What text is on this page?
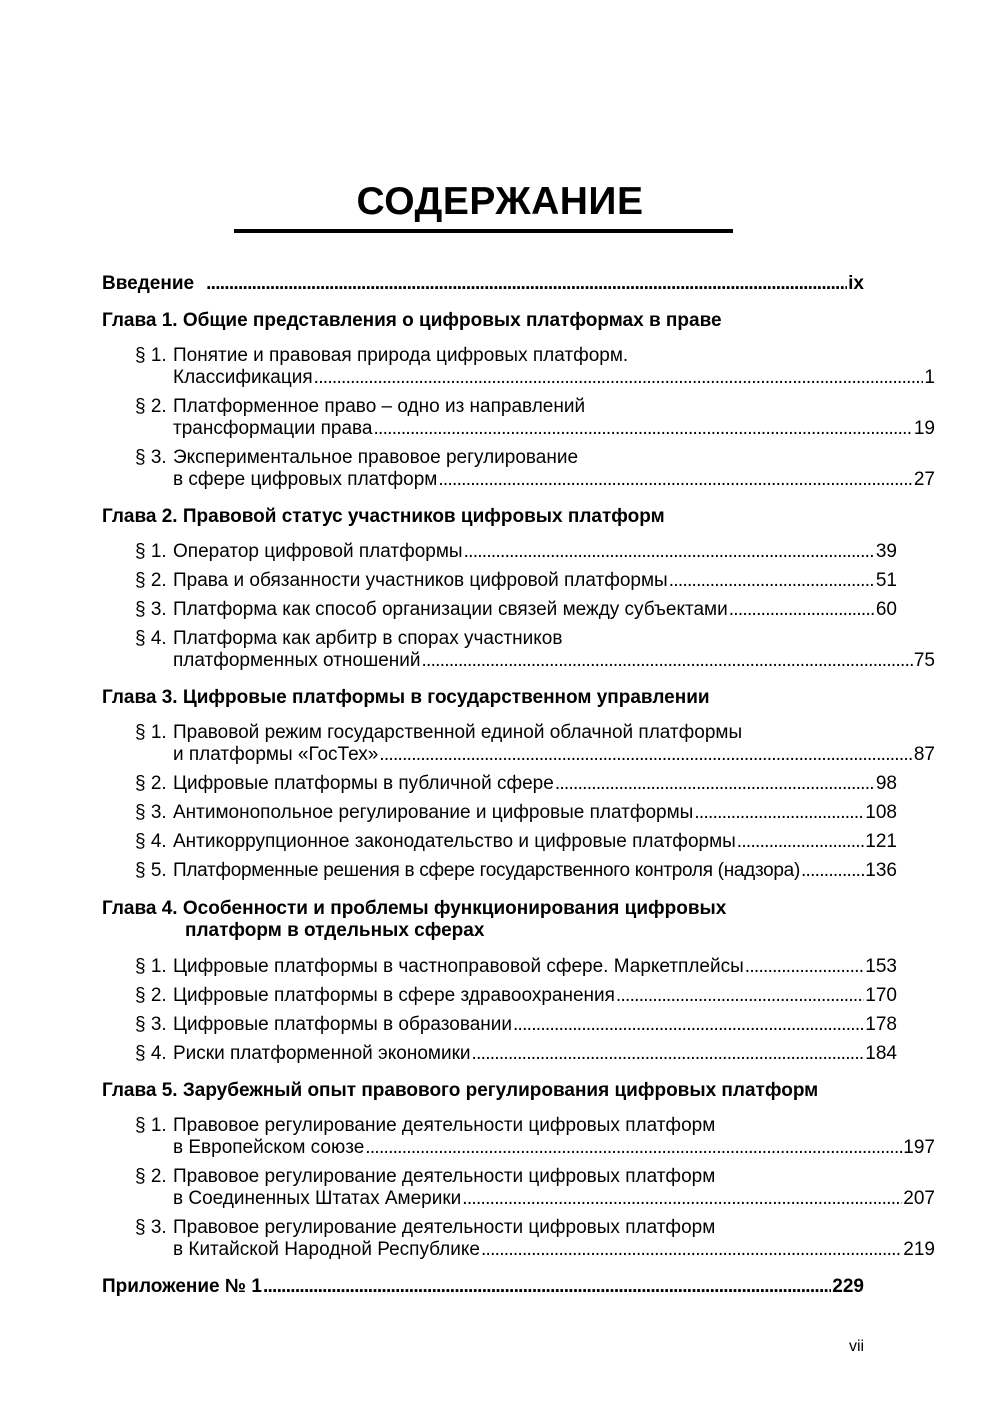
СОДЕРЖАНИЕ
Введение . . .	ix
Глава 1. Общие представления о цифровых платформах в праве
§ 1. Понятие и правовая природа цифровых платформ.
Классификация . . .	1
§ 2. Платформенное право – одно из направлений
трансформации права . . .	19
§ 3. Экспериментальное правовое регулирование
в сфере цифровых платформ . . .	27
Глава 2. Правовой статус участников цифровых платформ
§ 1. Оператор цифровой платформы . . .	39
§ 2. Права и обязанности участников цифровой платформы . . .	51
§ 3. Платформа как способ организации связей между субъектами . . .	60
§ 4. Платформа как арбитр в спорах участников
платформенных отношений . . .	75
Глава 3. Цифровые платформы в государственном управлении
§ 1. Правовой режим государственной единой облачной платформы
и платформы «ГосТех» . . .	87
§ 2. Цифровые платформы в публичной сфере . . .	98
§ 3. Антимонопольное регулирование и цифровые платформы . . .	108
§ 4. Антикоррупционное законодательство и цифровые платформы . . .	121
§ 5. Платформенные решения в сфере государственного контроля (надзора) . . .	136
Глава 4. Особенности и проблемы функционирования цифровых
платформ в отдельных сферах
§ 1. Цифровые платформы в частноправовой сфере. Маркетплейсы . . .	153
§ 2. Цифровые платформы в сфере здравоохранения . . .	170
§ 3. Цифровые платформы в образовании . . .	178
§ 4. Риски платформенной экономики . . .	184
Глава 5. Зарубежный опыт правового регулирования цифровых платформ
§ 1. Правовое регулирование деятельности цифровых платформ
в Европейском союзе . . .	197
§ 2. Правовое регулирование деятельности цифровых платформ
в Соединенных Штатах Америки . . .	207
§ 3. Правовое регулирование деятельности цифровых платформ
в Китайской Народной Республике . . .	219
Приложение № 1 . . .	229
vii
